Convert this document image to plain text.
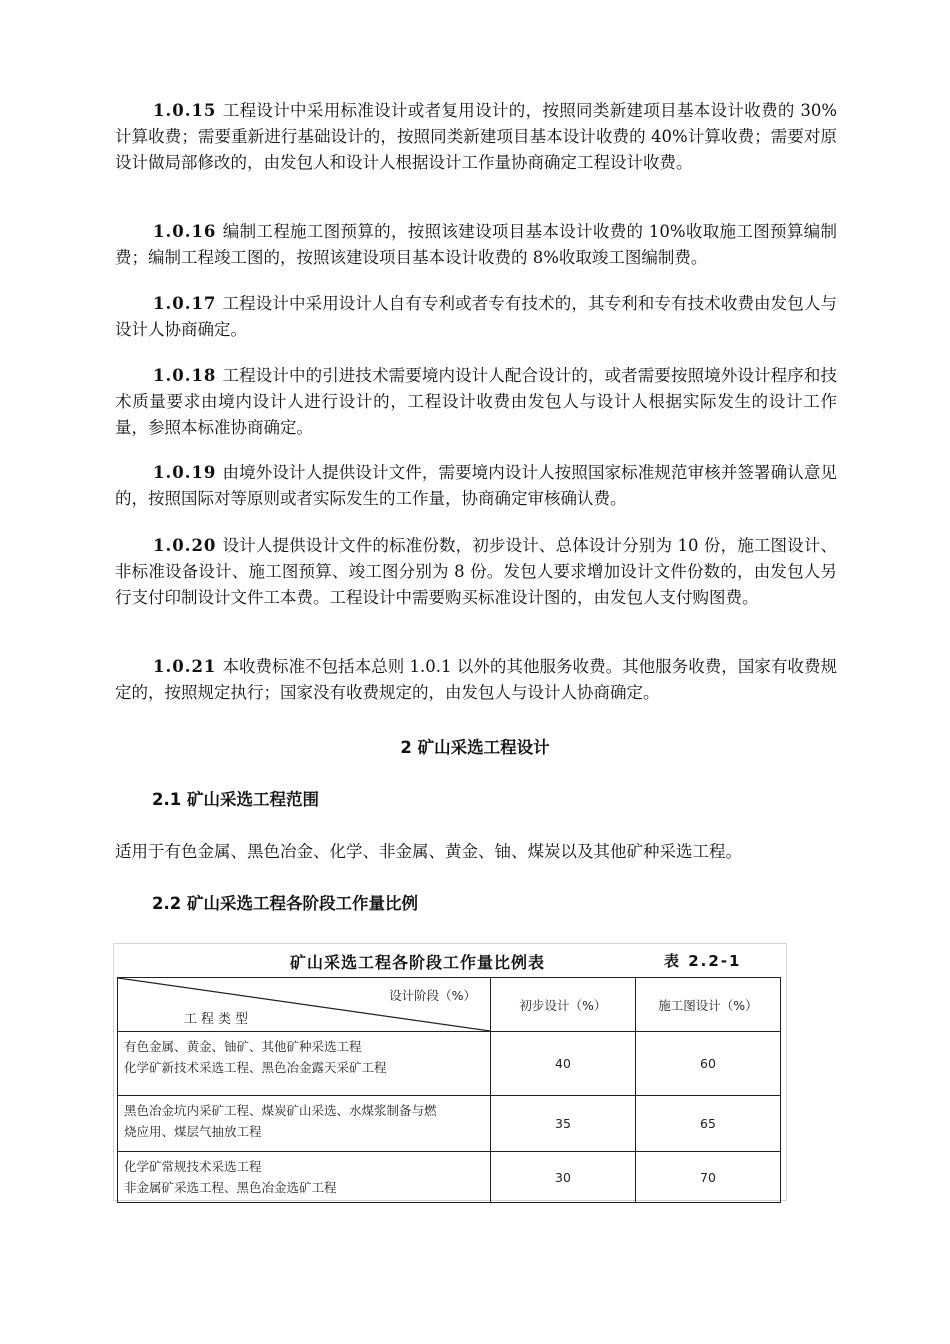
1.0.15 工程设计中采用标准设计或者复用设计的，按照同类新建项目基本设计收费的 30%计算收费；需要重新进行基础设计的，按照同类新建项目基本设计收费的 40%计算收费；需要对原设计做局部修改的，由发包人和设计人根据设计工作量协商确定工程设计收费。

1.0.16 编制工程施工图预算的，按照该建设项目基本设计收费的 10%收取施工图预算编制费；编制工程竣工图的，按照该建设项目基本设计收费的 8%收取竣工图编制费。

1.0.17 工程设计中采用设计人自有专利或者专有技术的，其专利和专有技术收费由发包人与设计人协商确定。

1.0.18 工程设计中的引进技术需要境内设计人配合设计的，或者需要按照境外设计程序和技术质量要求由境内设计人进行设计的，工程设计收费由发包人与设计人根据实际发生的设计工作量，参照本标准协商确定。

1.0.19 由境外设计人提供设计文件，需要境内设计人按照国家标准规范审核并签署确认意见的，按照国际对等原则或者实际发生的工作量，协商确定审核确认费。

1.0.20 设计人提供设计文件的标准份数，初步设计、总体设计分别为 10 份，施工图设计、非标准设备设计、施工图预算、竣工图分别为 8 份。发包人要求增加设计文件份数的，由发包人另行支付印制设计文件工本费。工程设计中需要购买标准设计图的，由发包人支付购图费。

1.0.21 本收费标准不包括本总则 1.0.1 以外的其他服务收费。其他服务收费，国家有收费规定的，按照规定执行；国家没有收费规定的，由发包人与设计人协商确定。

2 矿山采选工程设计
2.1 矿山采选工程范围

适用于有色金属、黑色冶金、化学、非金属、黄金、铀、煤炭以及其他矿种采选工程。

2.2 矿山采选工程各阶段工作量比例
矿山采选工程各阶段工作量比例表	表 2.2-1
设计阶段（%）
工程类型	初步设计（%）	施工图设计（%）

有色金属、黄金、铀矿、其他矿种采选工程
化学矿新技术采选工程、黑色冶金露天采矿工程	40	60

黑色冶金坑内采矿工程、煤炭矿山采选、水煤浆制备与燃
烧应用、煤层气抽放工程	35	65

化学矿常规技术采选工程
非金属矿采选工程、黑色冶金选矿工程	30	70
